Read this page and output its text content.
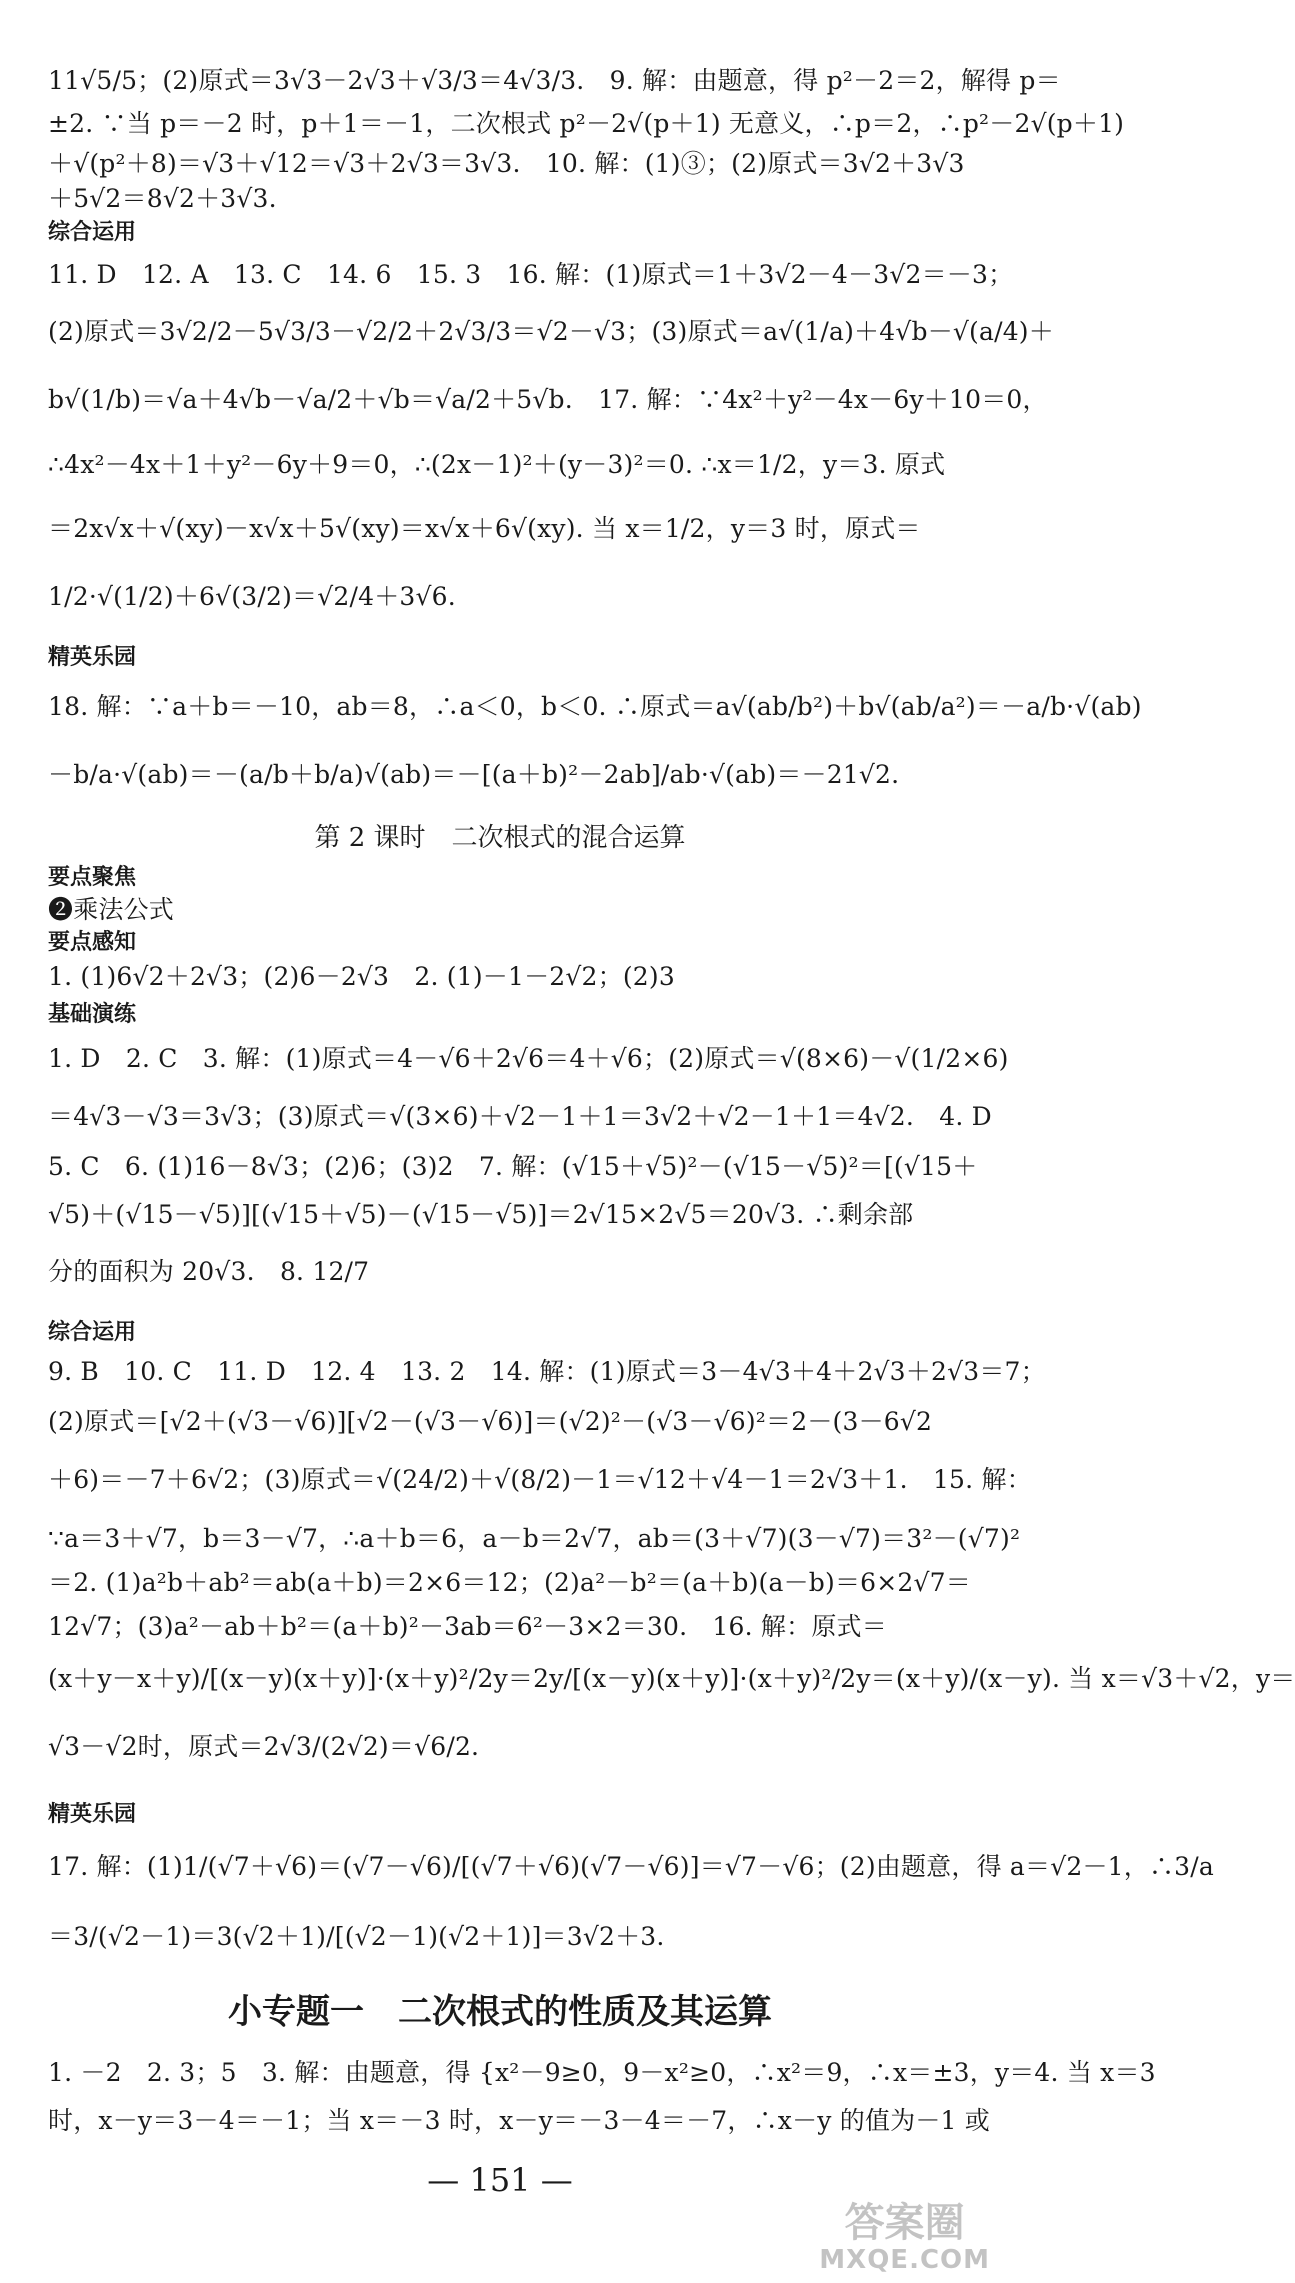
11√5/5；(2)原式＝3√3－2√3＋√3/3＝4√3/3.　9. 解：由题意，得 p²－2＝2，解得 p＝
±2. ∵当 p＝－2 时，p＋1＝－1，二次根式 p²－2√(p＋1) 无意义，∴p＝2，∴p²－2√(p＋1)
＋√(p²＋8)＝√3＋√12＝√3＋2√3＝3√3.　10. 解：(1)③；(2)原式＝3√2＋3√3
＋5√2＝8√2＋3√3.
综合运用
11. D　12. A　13. C　14. 6　15. 3　16. 解：(1)原式＝1＋3√2－4－3√2＝－3；
(2)原式＝3√2/2－5√3/3－√2/2＋2√3/3＝√2－√3；(3)原式＝a√(1/a)＋4√b－√(a/4)＋
b√(1/b)＝√a＋4√b－√a/2＋√b＝√a/2＋5√b.　17. 解：∵4x²＋y²－4x－6y＋10＝0，
∴4x²－4x＋1＋y²－6y＋9＝0，∴(2x－1)²＋(y－3)²＝0. ∴x＝1/2，y＝3. 原式
＝2x√x＋√(xy)－x√x＋5√(xy)＝x√x＋6√(xy). 当 x＝1/2，y＝3 时，原式＝
1/2·√(1/2)＋6√(3/2)＝√2/4＋3√6.
精英乐园
18. 解：∵a＋b＝－10，ab＝8，∴a＜0，b＜0. ∴原式＝a√(ab/b²)＋b√(ab/a²)＝－a/b·√(ab)
－b/a·√(ab)＝－(a/b＋b/a)√(ab)＝－[(a＋b)²－2ab]/ab·√(ab)＝－21√2.
第 2 课时　二次根式的混合运算
要点聚焦
❷乘法公式
要点感知
1. (1)6√2＋2√3；(2)6－2√3　2. (1)－1－2√2；(2)3
基础演练
1. D　2. C　3. 解：(1)原式＝4－√6＋2√6＝4＋√6；(2)原式＝√(8×6)－√(1/2×6)
＝4√3－√3＝3√3；(3)原式＝√(3×6)＋√2－1＋1＝3√2＋√2－1＋1＝4√2.　4. D
5. C　6. (1)16－8√3；(2)6；(3)2　7. 解：(√15＋√5)²－(√15－√5)²＝[(√15＋
√5)＋(√15－√5)][(√15＋√5)－(√15－√5)]＝2√15×2√5＝20√3. ∴剩余部
分的面积为 20√3.　8. 12/7
综合运用
9. B　10. C　11. D　12. 4　13. 2　14. 解：(1)原式＝3－4√3＋4＋2√3＋2√3＝7；
(2)原式＝[√2＋(√3－√6)][√2－(√3－√6)]＝(√2)²－(√3－√6)²＝2－(3－6√2
＋6)＝－7＋6√2；(3)原式＝√(24/2)＋√(8/2)－1＝√12＋√4－1＝2√3＋1.　15. 解：
∵a＝3＋√7，b＝3－√7，∴a＋b＝6，a－b＝2√7，ab＝(3＋√7)(3－√7)＝3²－(√7)²
＝2. (1)a²b＋ab²＝ab(a＋b)＝2×6＝12；(2)a²－b²＝(a＋b)(a－b)＝6×2√7＝
12√7；(3)a²－ab＋b²＝(a＋b)²－3ab＝6²－3×2＝30.　16. 解：原式＝
(x＋y－x＋y)/[(x－y)(x＋y)]·(x＋y)²/2y＝2y/[(x－y)(x＋y)]·(x＋y)²/2y＝(x＋y)/(x－y). 当 x＝√3＋√2，y＝
√3－√2时，原式＝2√3/(2√2)＝√6/2.
精英乐园
17. 解：(1)1/(√7＋√6)＝(√7－√6)/[(√7＋√6)(√7－√6)]＝√7－√6；(2)由题意，得 a＝√2－1，∴3/a
＝3/(√2－1)＝3(√2＋1)/[(√2－1)(√2＋1)]＝3√2＋3.
小专题一　二次根式的性质及其运算
1. －2　2. 3；5　3. 解：由题意，得 {x²－9≥0，9－x²≥0，∴x²＝9，∴x＝±3，y＝4. 当 x＝3
时，x－y＝3－4＝－1；当 x＝－3 时，x－y＝－3－4＝－7，∴x－y 的值为－1 或
— 151 —
答案圈
MXQE.COM
